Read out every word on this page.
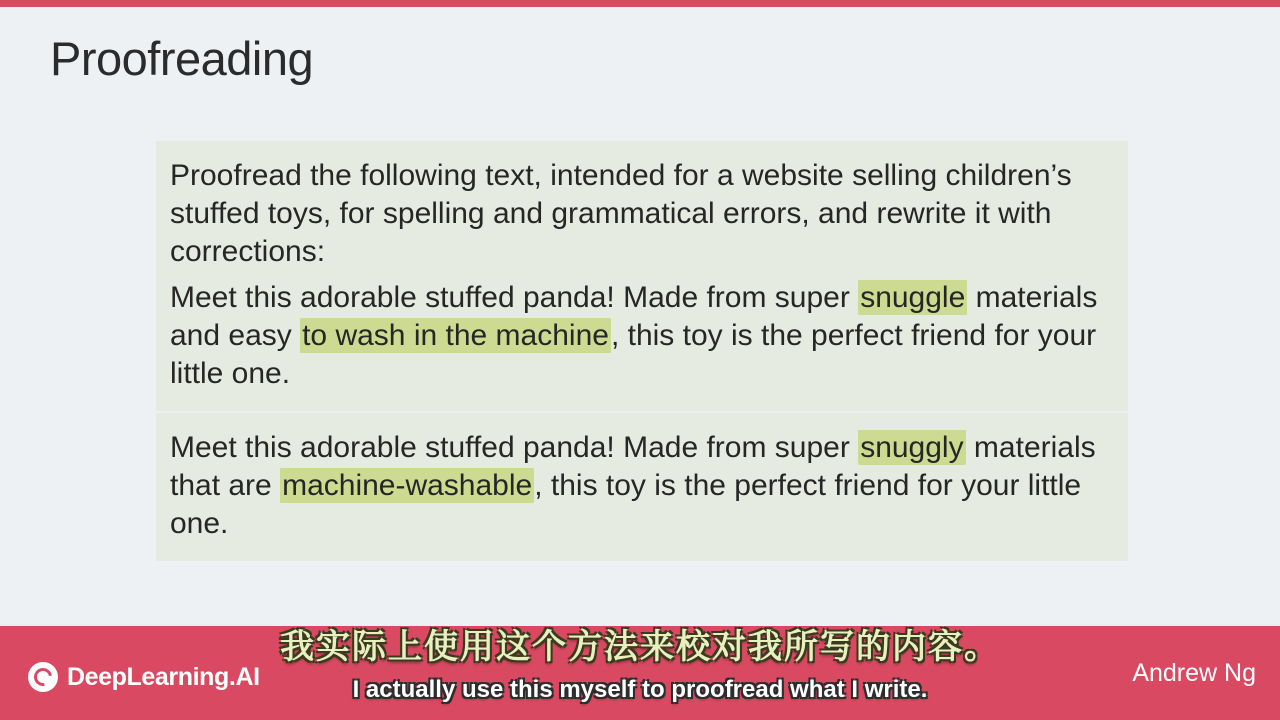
Proofreading

Proofread the following text, intended for a website selling children’s stuffed toys, for spelling and grammatical errors, and rewrite it with corrections:

Meet this adorable stuffed panda! Made from super snuggle materials and easy to wash in the machine, this toy is the perfect friend for your little one.

Meet this adorable stuffed panda! Made from super snuggly materials that are machine-washable, this toy is the perfect friend for your little one.

DeepLearning.AI	Andrew Ng
我实际上使用这个方法来校对我所写的内容。
I actually use this myself to proofread what I write.
